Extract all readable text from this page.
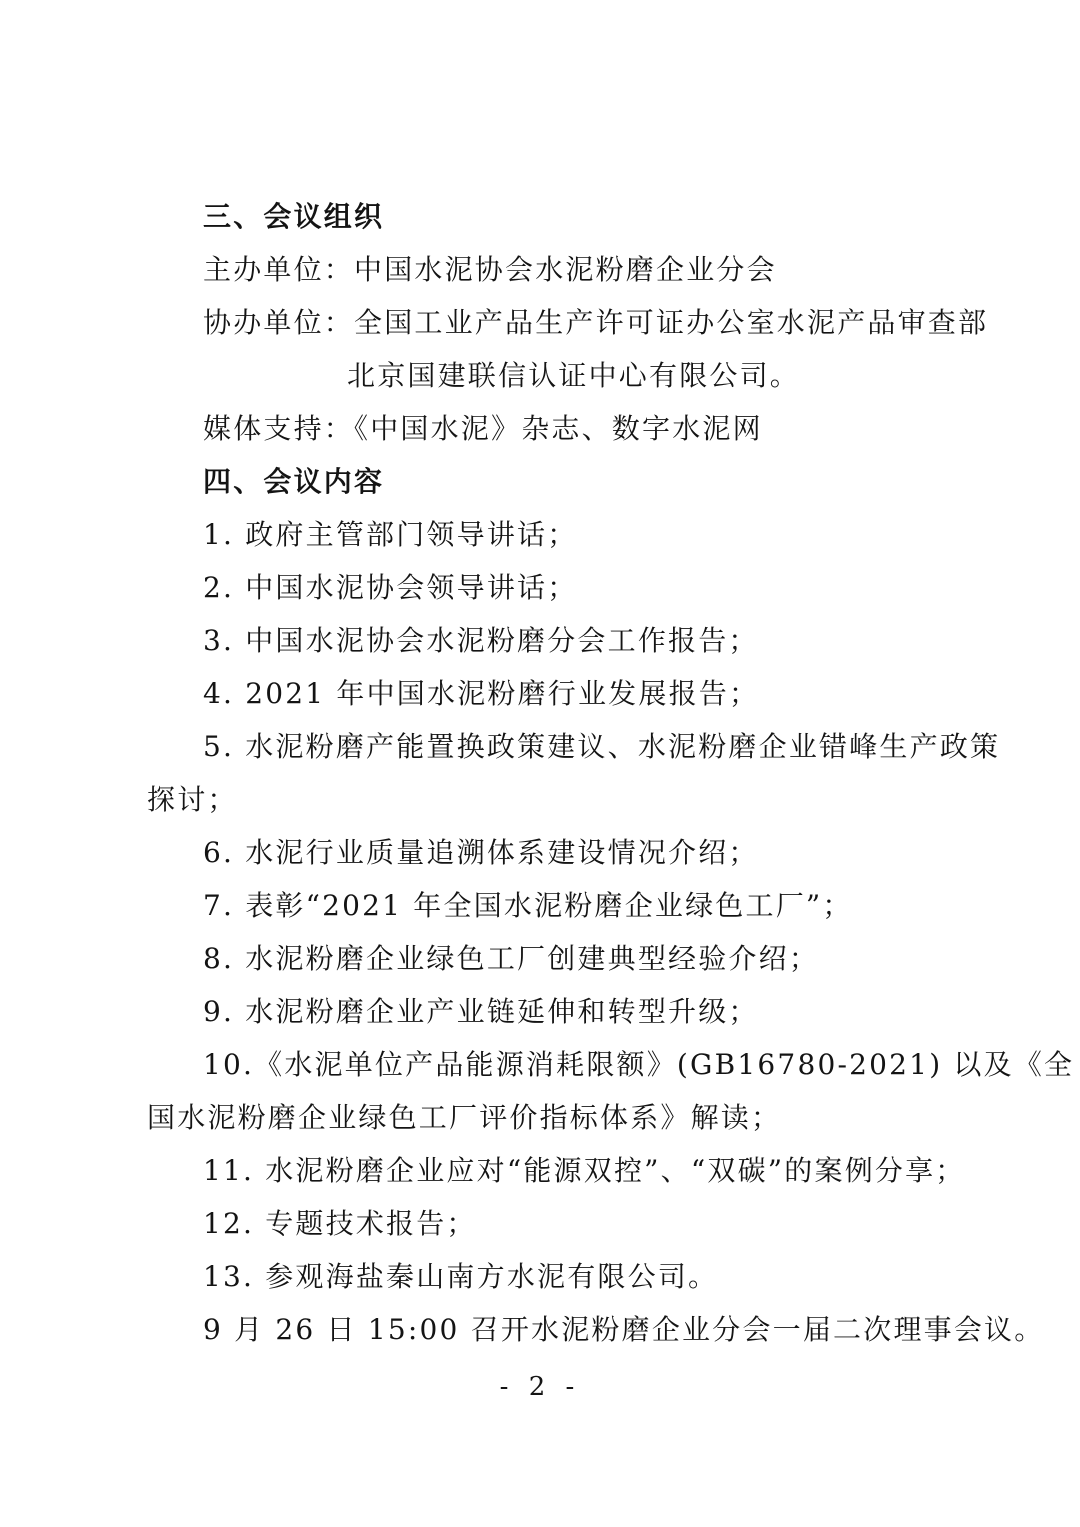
三、会议组织
主办单位：中国水泥协会水泥粉磨企业分会
协办单位：全国工业产品生产许可证办公室水泥产品审查部
北京国建联信认证中心有限公司。
媒体支持：《中国水泥》杂志、数字水泥网
四、会议内容
1. 政府主管部门领导讲话；
2. 中国水泥协会领导讲话；
3. 中国水泥协会水泥粉磨分会工作报告；
4. 2021 年中国水泥粉磨行业发展报告；
5. 水泥粉磨产能置换政策建议、水泥粉磨企业错峰生产政策
探讨；
6. 水泥行业质量追溯体系建设情况介绍；
7. 表彰“2021 年全国水泥粉磨企业绿色工厂”；
8. 水泥粉磨企业绿色工厂创建典型经验介绍；
9. 水泥粉磨企业产业链延伸和转型升级；
10.《水泥单位产品能源消耗限额》(GB16780-2021) 以及《全
国水泥粉磨企业绿色工厂评价指标体系》解读；
11. 水泥粉磨企业应对“能源双控”、“双碳”的案例分享；
12. 专题技术报告；
13. 参观海盐秦山南方水泥有限公司。
9 月 26 日 15:00 召开水泥粉磨企业分会一届二次理事会议。
- 2 -
